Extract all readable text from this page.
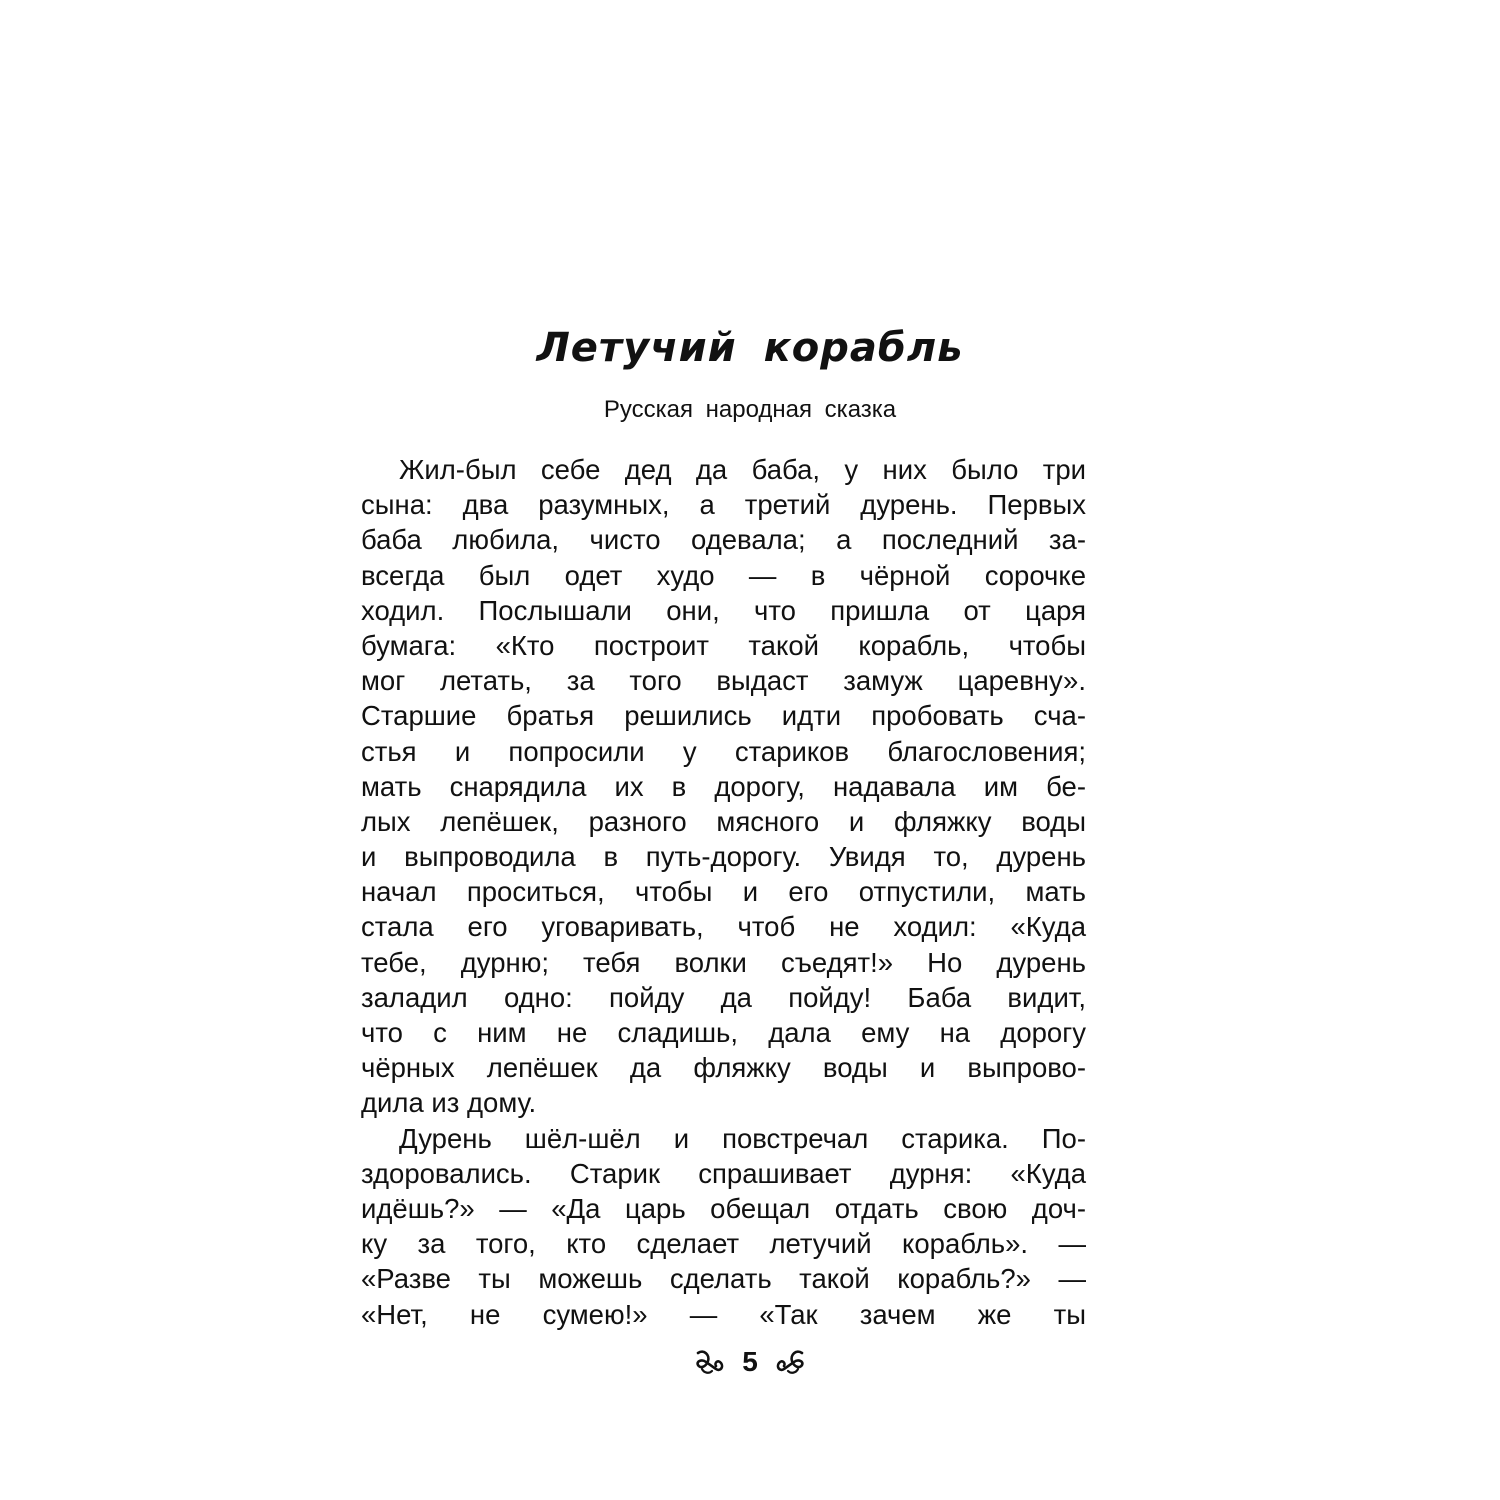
Летучий корабль
Русская народная сказка
Жил-был себе дед да баба, у них было три
сына: два разумных, а третий дурень. Первых
баба любила, чисто одевала; а последний за-
всегда был одет худо — в чёрной сорочке
ходил. Послышали они, что пришла от царя
бумага: «Кто построит такой корабль, чтобы
мог летать, за того выдаст замуж царевну».
Старшие братья решились идти пробовать сча-
стья и попросили у стариков благословения;
мать снарядила их в дорогу, надавала им бе-
лых лепёшек, разного мясного и фляжку воды
и выпроводила в путь-дорогу. Увидя то, дурень
начал проситься, чтобы и его отпустили, мать
стала его уговаривать, чтоб не ходил: «Куда
тебе, дурню; тебя волки съедят!» Но дурень
заладил одно: пойду да пойду! Баба видит,
что с ним не сладишь, дала ему на дорогу
чёрных лепёшек да фляжку воды и выпрово-
дила из дому.
Дурень шёл-шёл и повстречал старика. По-
здоровались. Старик спрашивает дурня: «Куда
идёшь?» — «Да царь обещал отдать свою доч-
ку за того, кто сделает летучий корабль». —
«Разве ты можешь сделать такой корабль?» —
«Нет, не сумею!» — «Так зачем же ты
5
